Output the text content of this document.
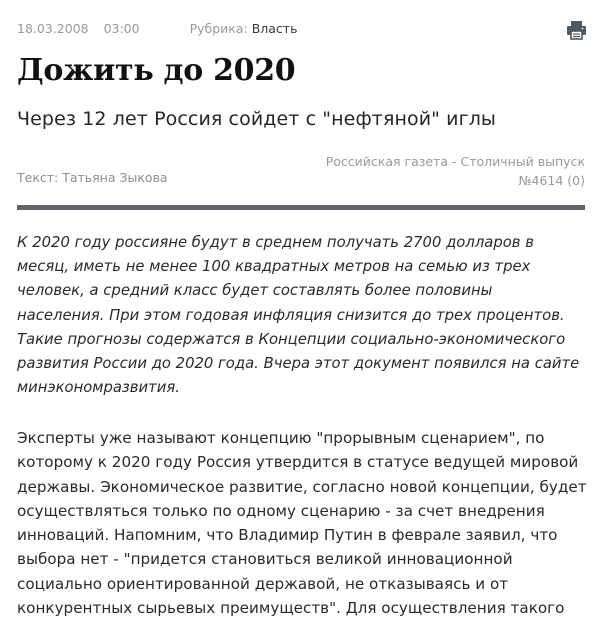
18.03.2008 03:00	Рубрика: Власть
Дожить до 2020
Через 12 лет Россия сойдет с "нефтяной" иглы
Текст: Татьяна Зыкова
Российская газета - Столичный выпуск
№4614 (0)
К 2020 году россияне будут в среднем получать 2700 долларов в
месяц, иметь не менее 100 квадратных метров на семью из трех
человек, а средний класс будет составлять более половины
населения. При этом годовая инфляция снизится до трех процентов.
Такие прогнозы содержатся в Концепции социально-экономического
развития России до 2020 года. Вчера этот документ появился на сайте
минэкономразвития.
Эксперты уже называют концепцию "прорывным сценарием", по
которому к 2020 году Россия утвердится в статусе ведущей мировой
державы. Экономическое развитие, согласно новой концепции, будет
осуществляться только по одному сценарию - за счет внедрения
инноваций. Напомним, что Владимир Путин в феврале заявил, что
выбора нет - "придется становиться великой инновационной
социально ориентированной державой, не отказываясь и от
конкурентных сырьевых преимуществ". Для осуществления такого
